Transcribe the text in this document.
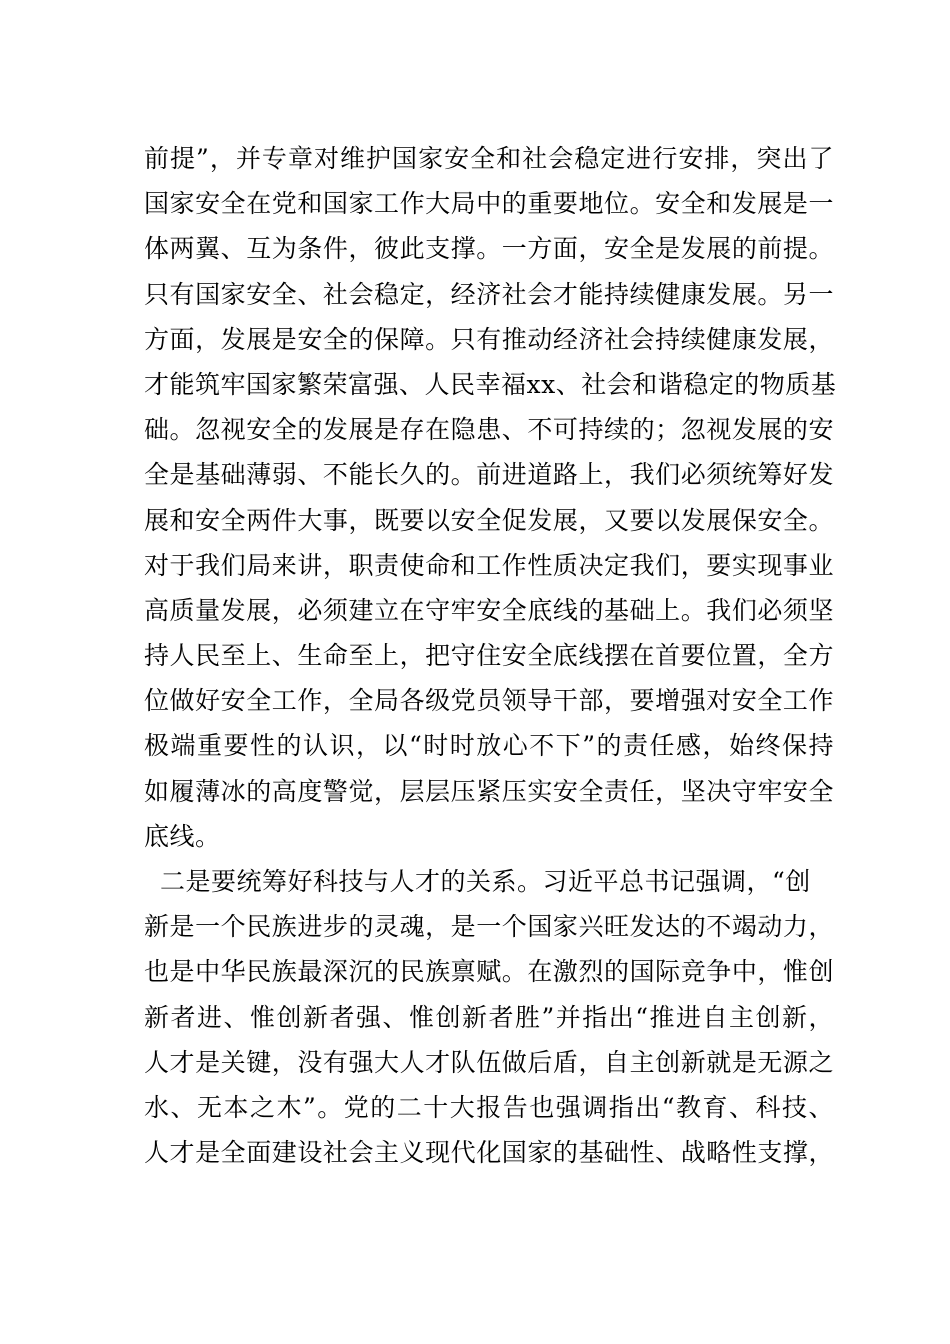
前提”，并专章对维护国家安全和社会稳定进行安排，突出了
国家安全在党和国家工作大局中的重要地位。安全和发展是一
体两翼、互为条件，彼此支撑。一方面，安全是发展的前提。
只有国家安全、社会稳定，经济社会才能持续健康发展。另一
方面，发展是安全的保障。只有推动经济社会持续健康发展，
才能筑牢国家繁荣富强、人民幸福xx、社会和谐稳定的物质基
础。忽视安全的发展是存在隐患、不可持续的；忽视发展的安
全是基础薄弱、不能长久的。前进道路上，我们必须统筹好发
展和安全两件大事，既要以安全促发展，又要以发展保安全。
对于我们局来讲，职责使命和工作性质决定我们，要实现事业
高质量发展，必须建立在守牢安全底线的基础上。我们必须坚
持人民至上、生命至上，把守住安全底线摆在首要位置，全方
位做好安全工作，全局各级党员领导干部，要增强对安全工作
极端重要性的认识，以“时时放心不下”的责任感，始终保持
如履薄冰的高度警觉，层层压紧压实安全责任，坚决守牢安全
底线。
二是要统筹好科技与人才的关系。习近平总书记强调，“创
新是一个民族进步的灵魂，是一个国家兴旺发达的不竭动力，
也是中华民族最深沉的民族禀赋。在激烈的国际竞争中，惟创
新者进、惟创新者强、惟创新者胜”并指出“推进自主创新，
人才是关键，没有强大人才队伍做后盾，自主创新就是无源之
水、无本之木”。党的二十大报告也强调指出“教育、科技、
人才是全面建设社会主义现代化国家的基础性、战略性支撑，
